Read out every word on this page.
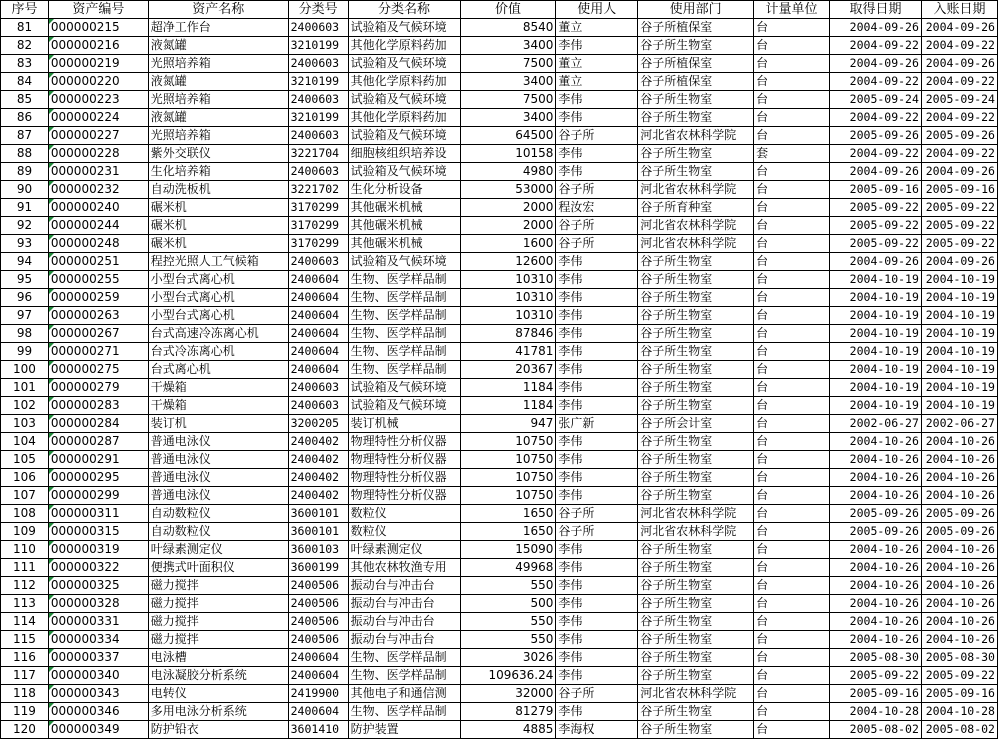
序号	资产编号	资产名称	分类号	分类名称	价值	使用人	使用部门	计量单位	取得日期	入账日期
81	000000215	超净工作台	2400603	试验箱及气候环境	8540	董立	谷子所植保室	台	2004-09-26	2004-09-26
82	000000216	液氮罐	3210199	其他化学原料药加	3400	李伟	谷子所生物室	台	2004-09-22	2004-09-22
83	000000219	光照培养箱	2400603	试验箱及气候环境	7500	董立	谷子所植保室	台	2004-09-26	2004-09-26
84	000000220	液氮罐	3210199	其他化学原料药加	3400	董立	谷子所植保室	台	2004-09-22	2004-09-22
85	000000223	光照培养箱	2400603	试验箱及气候环境	7500	李伟	谷子所生物室	台	2005-09-24	2005-09-24
86	000000224	液氮罐	3210199	其他化学原料药加	3400	李伟	谷子所生物室	台	2004-09-22	2004-09-22
87	000000227	光照培养箱	2400603	试验箱及气候环境	64500	谷子所	河北省农林科学院	台	2005-09-26	2005-09-26
88	000000228	紫外交联仪	3221704	细胞核组织培养设	10158	李伟	谷子所生物室	套	2004-09-22	2004-09-22
89	000000231	生化培养箱	2400603	试验箱及气候环境	4980	李伟	谷子所生物室	台	2004-09-26	2004-09-26
90	000000232	自动洗板机	3221702	生化分析设备	53000	谷子所	河北省农林科学院	台	2005-09-16	2005-09-16
91	000000240	碾米机	3170299	其他碾米机械	2000	程汝宏	谷子所育种室	台	2005-09-22	2005-09-22
92	000000244	碾米机	3170299	其他碾米机械	2000	谷子所	河北省农林科学院	台	2005-09-22	2005-09-22
93	000000248	碾米机	3170299	其他碾米机械	1600	谷子所	河北省农林科学院	台	2005-09-22	2005-09-22
94	000000251	程控光照人工气候箱	2400603	试验箱及气候环境	12600	李伟	谷子所生物室	台	2004-09-26	2004-09-26
95	000000255	小型台式离心机	2400604	生物、医学样品制	10310	李伟	谷子所生物室	台	2004-10-19	2004-10-19
96	000000259	小型台式离心机	2400604	生物、医学样品制	10310	李伟	谷子所生物室	台	2004-10-19	2004-10-19
97	000000263	小型台式离心机	2400604	生物、医学样品制	10310	李伟	谷子所生物室	台	2004-10-19	2004-10-19
98	000000267	台式高速冷冻离心机	2400604	生物、医学样品制	87846	李伟	谷子所生物室	台	2004-10-19	2004-10-19
99	000000271	台式冷冻离心机	2400604	生物、医学样品制	41781	李伟	谷子所生物室	台	2004-10-19	2004-10-19
100	000000275	台式离心机	2400604	生物、医学样品制	20367	李伟	谷子所生物室	台	2004-10-19	2004-10-19
101	000000279	干燥箱	2400603	试验箱及气候环境	1184	李伟	谷子所生物室	台	2004-10-19	2004-10-19
102	000000283	干燥箱	2400603	试验箱及气候环境	1184	李伟	谷子所生物室	台	2004-10-19	2004-10-19
103	000000284	装订机	3200205	装订机械	947	张广新	谷子所会计室	台	2002-06-27	2002-06-27
104	000000287	普通电泳仪	2400402	物理特性分析仪器	10750	李伟	谷子所生物室	台	2004-10-26	2004-10-26
105	000000291	普通电泳仪	2400402	物理特性分析仪器	10750	李伟	谷子所生物室	台	2004-10-26	2004-10-26
106	000000295	普通电泳仪	2400402	物理特性分析仪器	10750	李伟	谷子所生物室	台	2004-10-26	2004-10-26
107	000000299	普通电泳仪	2400402	物理特性分析仪器	10750	李伟	谷子所生物室	台	2004-10-26	2004-10-26
108	000000311	自动数粒仪	3600101	数粒仪	1650	谷子所	河北省农林科学院	台	2005-09-26	2005-09-26
109	000000315	自动数粒仪	3600101	数粒仪	1650	谷子所	河北省农林科学院	台	2005-09-26	2005-09-26
110	000000319	叶绿素测定仪	3600103	叶绿素测定仪	15090	李伟	谷子所生物室	台	2004-10-26	2004-10-26
111	000000322	便携式叶面积仪	3600199	其他农林牧渔专用	49968	李伟	谷子所生物室	台	2004-10-26	2004-10-26
112	000000325	磁力搅拌	2400506	振动台与冲击台	550	李伟	谷子所生物室	台	2004-10-26	2004-10-26
113	000000328	磁力搅拌	2400506	振动台与冲击台	500	李伟	谷子所生物室	台	2004-10-26	2004-10-26
114	000000331	磁力搅拌	2400506	振动台与冲击台	550	李伟	谷子所生物室	台	2004-10-26	2004-10-26
115	000000334	磁力搅拌	2400506	振动台与冲击台	550	李伟	谷子所生物室	台	2004-10-26	2004-10-26
116	000000337	电泳槽	2400604	生物、医学样品制	3026	李伟	谷子所生物室	台	2005-08-30	2005-08-30
117	000000340	电泳凝胶分析系统	2400604	生物、医学样品制	109636.24	李伟	谷子所生物室	台	2005-09-22	2005-09-22
118	000000343	电转仪	2419900	其他电子和通信测	32000	谷子所	河北省农林科学院	台	2005-09-16	2005-09-16
119	000000346	多用电泳分析系统	2400604	生物、医学样品制	81279	李伟	谷子所生物室	台	2004-10-28	2004-10-28
120	000000349	防护铅衣	3601410	防护装置	4885	李海权	谷子所生物室	台	2005-08-02	2005-08-02
